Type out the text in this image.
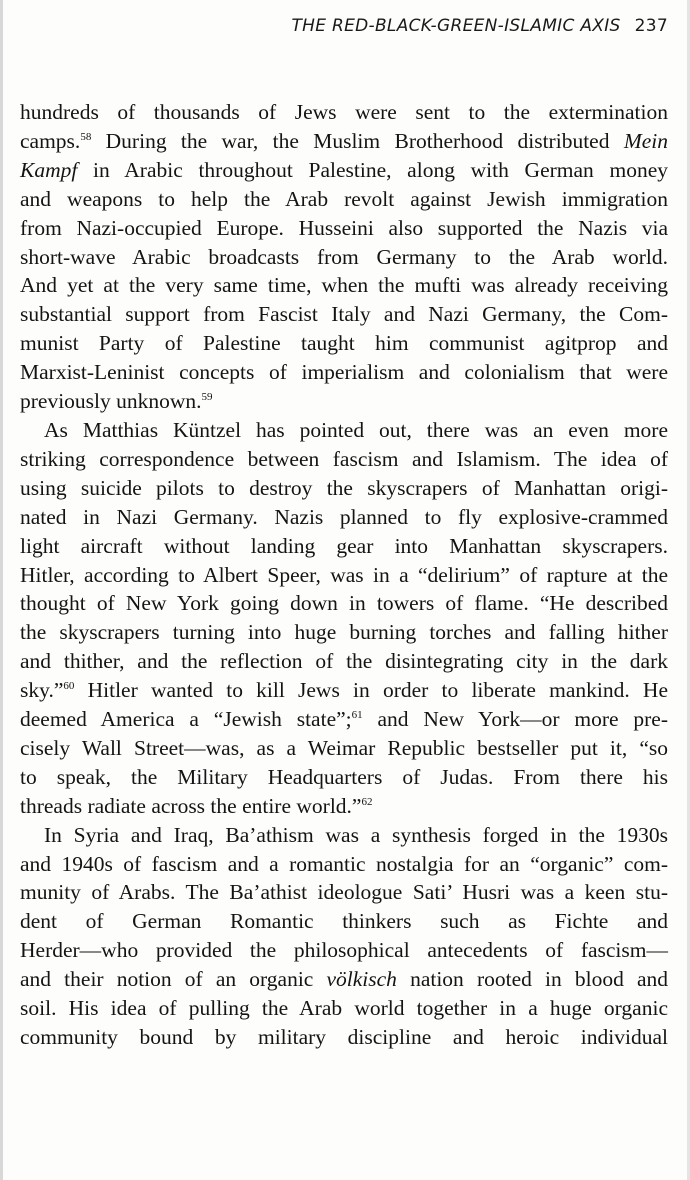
THE RED-BLACK-GREEN-ISLAMIC AXIS 237
hundreds of thousands of Jews were sent to the extermination
camps.$^{58}$ During the war, the Muslim Brotherhood distributed Mein
Kampf in Arabic throughout Palestine, along with German money
and weapons to help the Arab revolt against Jewish immigration
from Nazi-occupied Europe. Husseini also supported the Nazis via
short-wave Arabic broadcasts from Germany to the Arab world.
And yet at the very same time, when the mufti was already receiving
substantial support from Fascist Italy and Nazi Germany, the Com-
munist Party of Palestine taught him communist agitprop and
Marxist-Leninist concepts of imperialism and colonialism that were
previously unknown.$^{59}$
As Matthias Küntzel has pointed out, there was an even more
striking correspondence between fascism and Islamism. The idea of
using suicide pilots to destroy the skyscrapers of Manhattan origi-
nated in Nazi Germany. Nazis planned to fly explosive-crammed
light aircraft without landing gear into Manhattan skyscrapers.
Hitler, according to Albert Speer, was in a “delirium” of rapture at the
thought of New York going down in towers of flame. “He described
the skyscrapers turning into huge burning torches and falling hither
and thither, and the reflection of the disintegrating city in the dark
sky.”$^{60}$ Hitler wanted to kill Jews in order to liberate mankind. He
deemed America a “Jewish state”;$^{61}$ and New York—or more pre-
cisely Wall Street—was, as a Weimar Republic bestseller put it, “so
to speak, the Military Headquarters of Judas. From there his
threads radiate across the entire world.”$^{62}$
In Syria and Iraq, Ba’athism was a synthesis forged in the 1930s
and 1940s of fascism and a romantic nostalgia for an “organic” com-
munity of Arabs. The Ba’athist ideologue Sati’ Husri was a keen stu-
dent of German Romantic thinkers such as Fichte and
Herder—who provided the philosophical antecedents of fascism—
and their notion of an organic völkisch nation rooted in blood and
soil. His idea of pulling the Arab world together in a huge organic
community bound by military discipline and heroic individual
